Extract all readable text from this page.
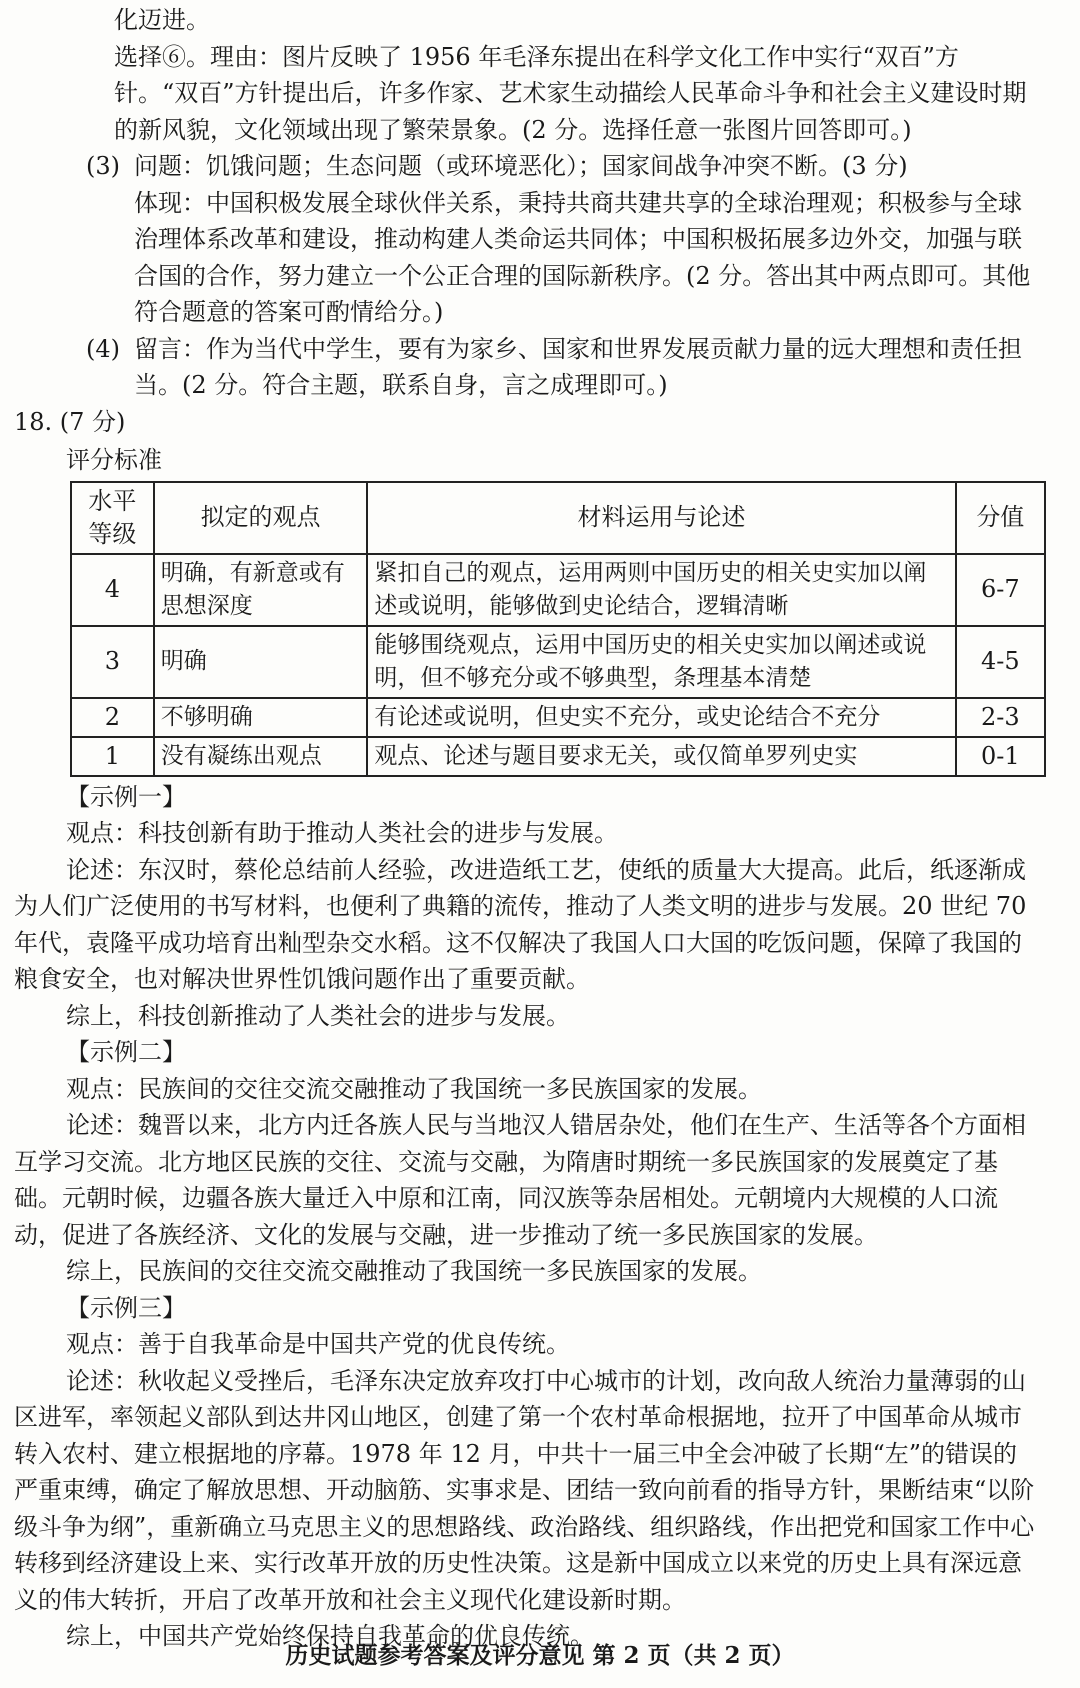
化迈进。

选择⑥。理由：图片反映了 1956 年毛泽东提出在科学文化工作中实行“双百”方针。“双百”方针提出后，许多作家、艺术家生动描绘人民革命斗争和社会主义建设时期的新风貌，文化领域出现了繁荣景象。(2 分。选择任意一张图片回答即可。)

(3) 问题：饥饿问题；生态问题（或环境恶化）；国家间战争冲突不断。(3 分)

体现：中国积极发展全球伙伴关系，秉持共商共建共享的全球治理观；积极参与全球治理体系改革和建设，推动构建人类命运共同体；中国积极拓展多边外交，加强与联合国的合作，努力建立一个公正合理的国际新秩序。(2 分。答出其中两点即可。其他符合题意的答案可酌情给分。)

(4) 留言：作为当代中学生，要有为家乡、国家和世界发展贡献力量的远大理想和责任担当。(2 分。符合主题，联系自身，言之成理即可。)

18. (7 分)

评分标准

水平等级	拟定的观点	材料运用与论述	分值
4	明确，有新意或有思想深度	紧扣自己的观点，运用两则中国历史的相关史实加以阐述或说明，能够做到史论结合，逻辑清晰	6-7
3	明确	能够围绕观点，运用中国历史的相关史实加以阐述或说明，但不够充分或不够典型，条理基本清楚	4-5
2	不够明确	有论述或说明，但史实不充分，或史论结合不充分	2-3
1	没有凝练出观点	观点、论述与题目要求无关，或仅简单罗列史实	0-1

【示例一】

观点：科技创新有助于推动人类社会的进步与发展。

论述：东汉时，蔡伦总结前人经验，改进造纸工艺，使纸的质量大大提高。此后，纸逐渐成为人们广泛使用的书写材料，也便利了典籍的流传，推动了人类文明的进步与发展。20 世纪 70 年代，袁隆平成功培育出籼型杂交水稻。这不仅解决了我国人口大国的吃饭问题，保障了我国的粮食安全，也对解决世界性饥饿问题作出了重要贡献。

综上，科技创新推动了人类社会的进步与发展。

【示例二】

观点：民族间的交往交流交融推动了我国统一多民族国家的发展。

论述：魏晋以来，北方内迁各族人民与当地汉人错居杂处，他们在生产、生活等各个方面相互学习交流。北方地区民族的交往、交流与交融，为隋唐时期统一多民族国家的发展奠定了基础。元朝时候，边疆各族大量迁入中原和江南，同汉族等杂居相处。元朝境内大规模的人口流动，促进了各族经济、文化的发展与交融，进一步推动了统一多民族国家的发展。

综上，民族间的交往交流交融推动了我国统一多民族国家的发展。

【示例三】

观点：善于自我革命是中国共产党的优良传统。

论述：秋收起义受挫后，毛泽东决定放弃攻打中心城市的计划，改向敌人统治力量薄弱的山区进军，率领起义部队到达井冈山地区，创建了第一个农村革命根据地，拉开了中国革命从城市转入农村、建立根据地的序幕。1978 年 12 月，中共十一届三中全会冲破了长期“左”的错误的严重束缚，确定了解放思想、开动脑筋、实事求是、团结一致向前看的指导方针，果断结束“以阶级斗争为纲”，重新确立马克思主义的思想路线、政治路线、组织路线，作出把党和国家工作中心转移到经济建设上来、实行改革开放的历史性决策。这是新中国成立以来党的历史上具有深远意义的伟大转折，开启了改革开放和社会主义现代化建设新时期。

综上，中国共产党始终保持自我革命的优良传统。

历史试题参考答案及评分意见 第 2 页（共 2 页）
